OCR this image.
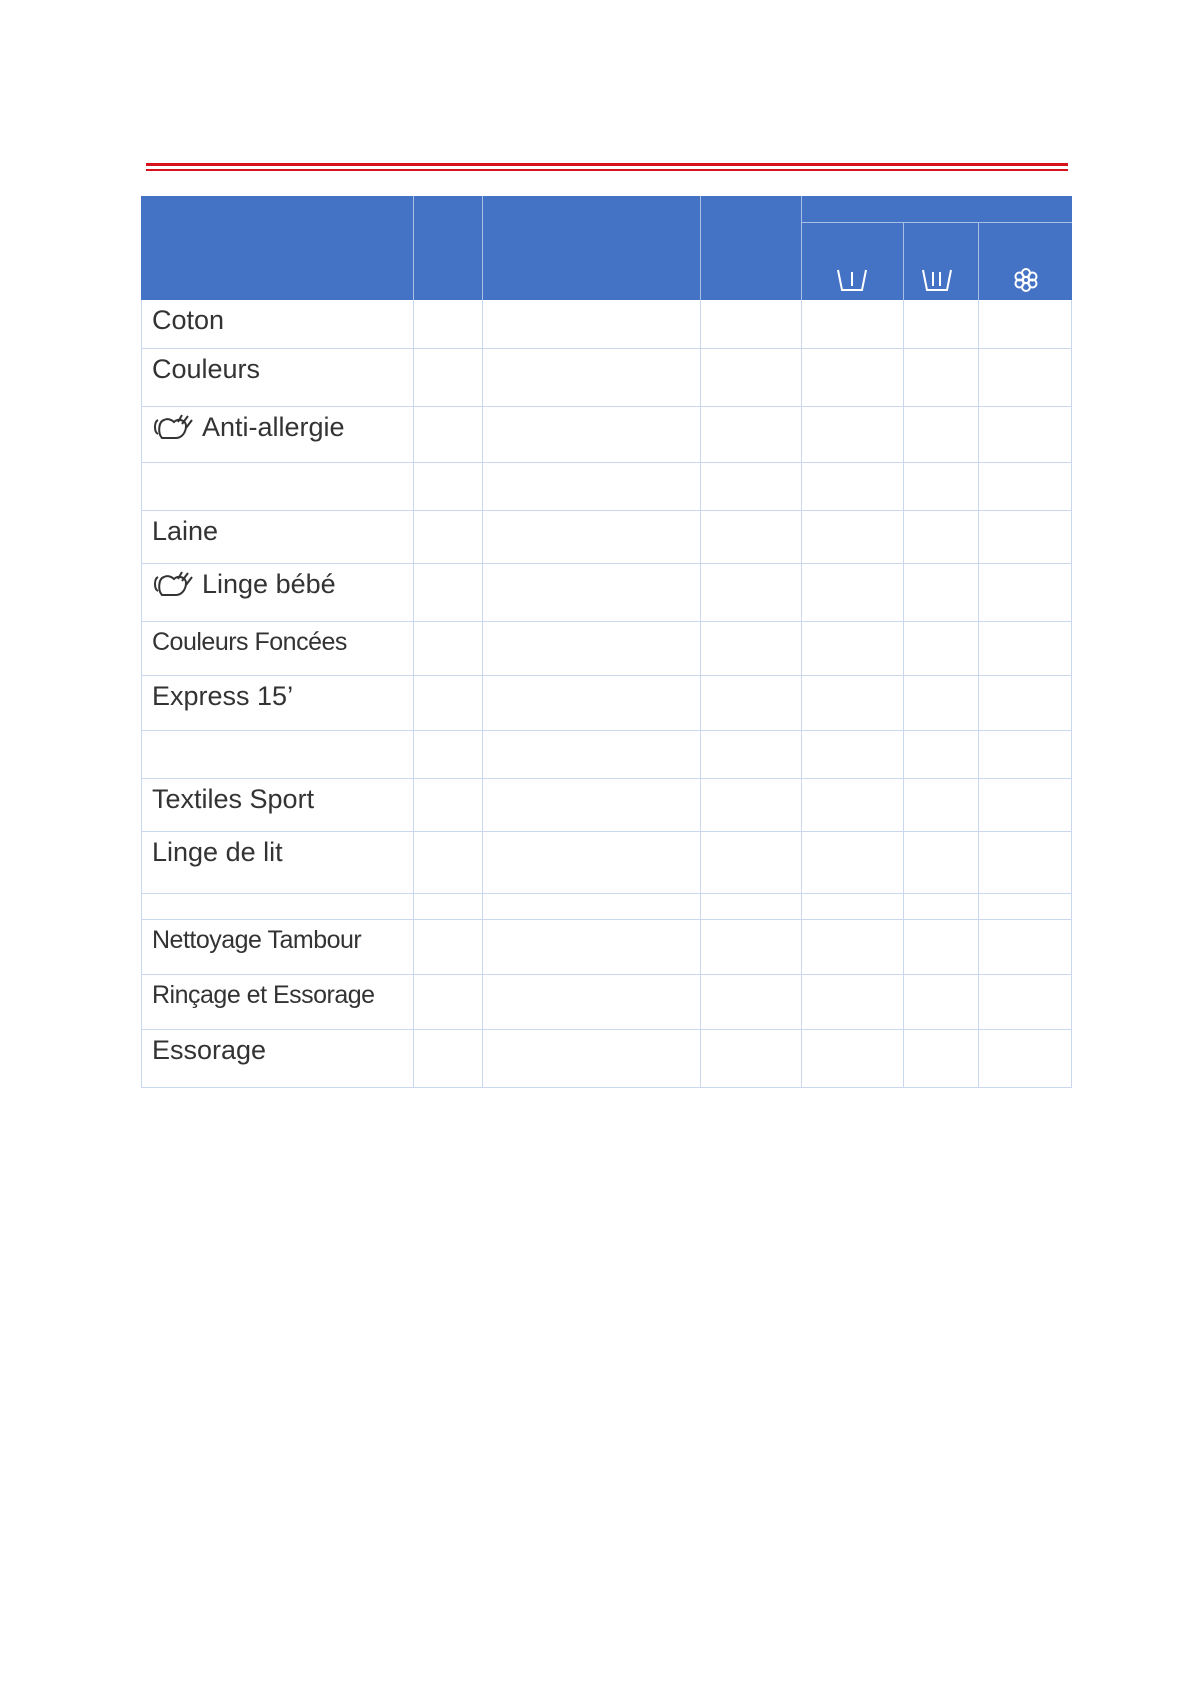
Coton
Couleurs
Anti-allergie
Laine
Linge bébé
Couleurs Foncées
Express 15’
Textiles Sport
Linge de lit
Nettoyage Tambour
Rinçage et Essorage
Essorage
